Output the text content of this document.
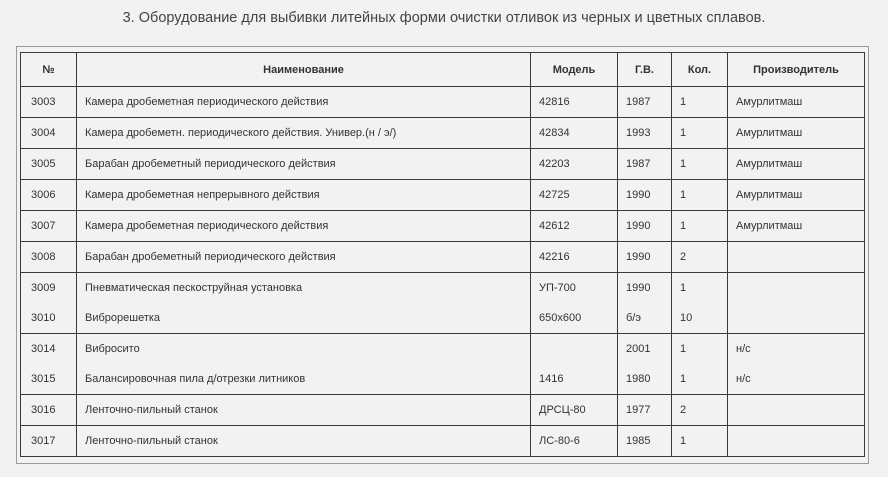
3. Оборудование для выбивки литейных форми очистки отливок из черных и цветных сплавов.
№	Наименование	Модель	Г.В.	Кол.	Производитель
3003	Камера дробеметная периодического действия	42816	1987	1	Амурлитмаш
3004	Камера дробеметн. периодического действия. Универ.(н / э/)	42834	1993	1	Амурлитмаш
3005	Барабан дробеметный периодического действия	42203	1987	1	Амурлитмаш
3006	Камера дробеметная непрерывного действия	42725	1990	1	Амурлитмаш
3007	Камера дробеметная периодического действия	42612	1990	1	Амурлитмаш
3008	Барабан дробеметный периодического действия	42216	1990	2	
3009	Пневматическая пескоструйная установка	УП-700	1990	1	
3010	Виброрешетка	650х600	б/э	10	
3014	Вибросито		2001	1	н/с
3015	Балансировочная пила д/отрезки литников	1416	1980	1	н/с
3016	Ленточно-пильный станок	ДРСЦ-80	1977	2	
3017	Ленточно-пильный станок	ЛС-80-6	1985	1	
